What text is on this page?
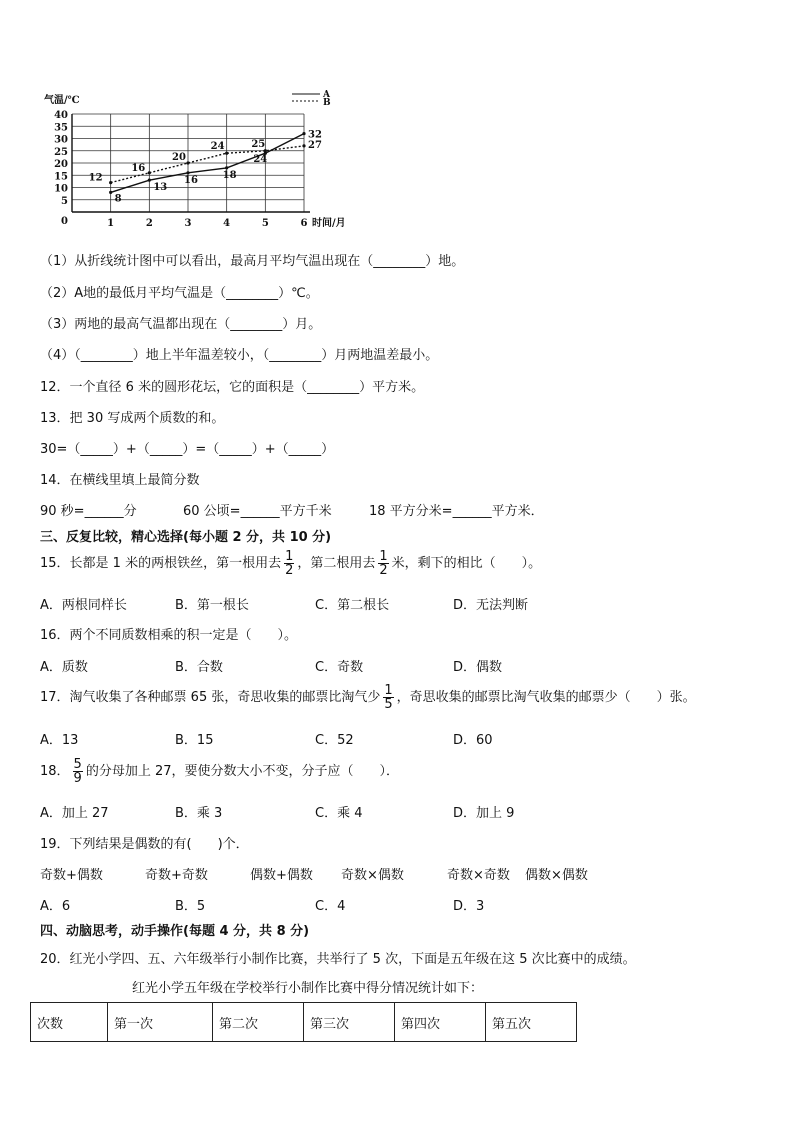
0
5
10
15
20
25
30
35
40
1	2	3	4	5	6
气温/℃
时间/月
A
B
8
13
16 18
24
32
12
16
20
24	25	27
（1）从折线统计图中可以看出，最高月平均气温出现在（________）地。
（2）A地的最低月平均气温是（________）℃。
（3）两地的最高气温都出现在（________）月。
（4）（________）地上半年温差较小，（________）月两地温差最小。
12．一个直径 6 米的圆形花坛，它的面积是（________）平方米。
13．把 30 写成两个质数的和。
30=（_____）+（_____）=（_____）+（_____）
14．在横线里填上最简分数
90 秒=______分	60 公顷=______平方千米	18 平方分米=______平方米．
三、反复比较，精心选择(每小题 2 分，共 10 分)
15．长都是 1 米的两根铁丝，第一根用去 $\frac{1}{2}$ ，第二根用去 $\frac{1}{2}$ 米，剩下的相比（　　）。
A．两根同样长	B．第一根长	C．第二根长	D．无法判断
16．两个不同质数相乘的积一定是（　　）。
A．质数	B．合数	C．奇数	D．偶数
17．淘气收集了各种邮票 65 张，奇思收集的邮票比淘气少 $\frac{1}{5}$ ，奇思收集的邮票比淘气收集的邮票少（　　）张。
A．13	B．15	C．52	D．60
18． $\frac{5}{9}$ 的分母加上 27，要使分数大小不变，分子应（　　）．
A．加上 27	B．乘 3	C．乘 4	D．加上 9
19．下列结果是偶数的有(　　)个．
奇数+偶数	奇数+奇数	偶数+偶数 奇数×偶数	奇数×奇数 偶数×偶数
A．6	B．5	C．4	D．3
四、动脑思考，动手操作(每题 4 分，共 8 分)
20．红光小学四、五、六年级举行小制作比赛，共举行了 5 次，下面是五年级在这 5 次比赛中的成绩。
红光小学五年级在学校举行小制作比赛中得分情况统计如下：
次数	第一次	第二次	第三次	第四次	第五次
